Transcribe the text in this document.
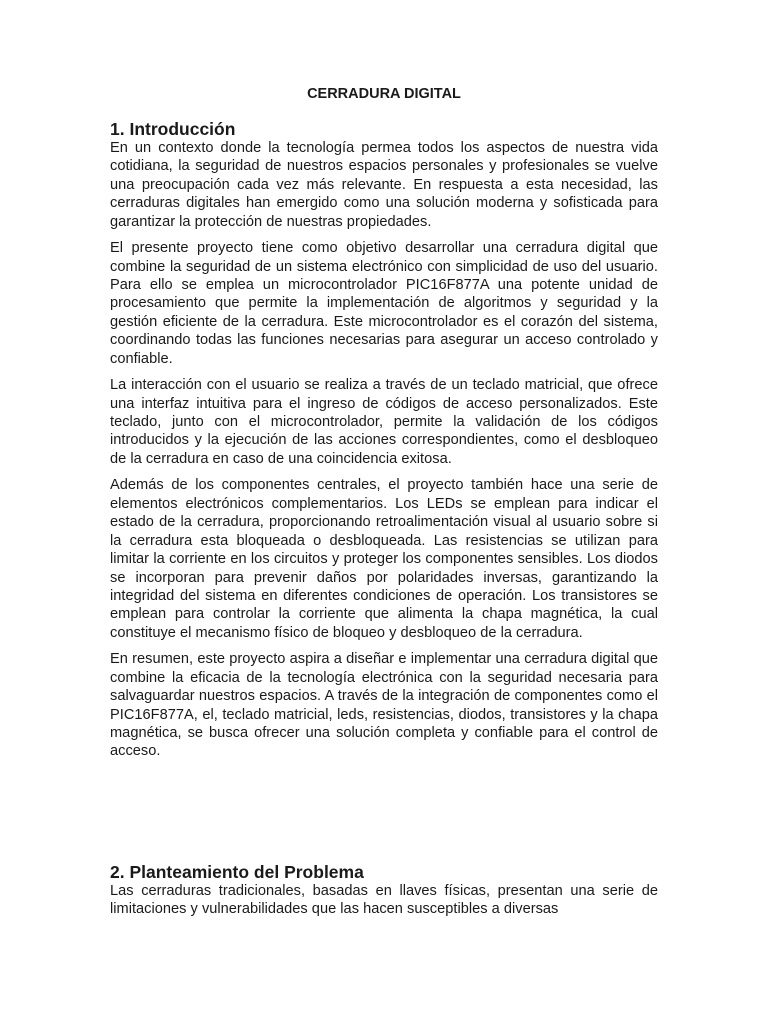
CERRADURA DIGITAL
1. Introducción

En un contexto donde la tecnología permea todos los aspectos de nuestra vida cotidiana, la seguridad de nuestros espacios personales y profesionales se vuelve una preocupación cada vez más relevante. En respuesta a esta necesidad, las cerraduras digitales han emergido como una solución moderna y sofisticada para garantizar la protección de nuestras propiedades.

El presente proyecto tiene como objetivo desarrollar una cerradura digital que combine la seguridad de un sistema electrónico con simplicidad de uso del usuario. Para ello se emplea un microcontrolador PIC16F877A una potente unidad de procesamiento que permite la implementación de algoritmos y seguridad y la gestión eficiente de la cerradura. Este microcontrolador es el corazón del sistema, coordinando todas las funciones necesarias para asegurar un acceso controlado y confiable.

La interacción con el usuario se realiza a través de un teclado matricial, que ofrece una interfaz intuitiva para el ingreso de códigos de acceso personalizados. Este teclado, junto con el microcontrolador, permite la validación de los códigos introducidos y la ejecución de las acciones correspondientes, como el desbloqueo de la cerradura en caso de una coincidencia exitosa.

Además de los componentes centrales, el proyecto también hace una serie de elementos electrónicos complementarios. Los LEDs se emplean para indicar el estado de la cerradura, proporcionando retroalimentación visual al usuario sobre si la cerradura esta bloqueada o desbloqueada. Las resistencias se utilizan para limitar la corriente en los circuitos y proteger los componentes sensibles. Los diodos se incorporan para prevenir daños por polaridades inversas, garantizando la integridad del sistema en diferentes condiciones de operación. Los transistores se emplean para controlar la corriente que alimenta la chapa magnética, la cual constituye el mecanismo físico de bloqueo y desbloqueo de la cerradura.

En resumen, este proyecto aspira a diseñar e implementar una cerradura digital que combine la eficacia de la tecnología electrónica con la seguridad necesaria para salvaguardar nuestros espacios. A través de la integración de componentes como el PIC16F877A, el, teclado matricial, leds, resistencias, diodos, transistores y la chapa magnética, se busca ofrecer una solución completa y confiable para el control de acceso.

2. Planteamiento del Problema

Las cerraduras tradicionales, basadas en llaves físicas, presentan una serie de limitaciones y vulnerabilidades que las hacen susceptibles a diversas
